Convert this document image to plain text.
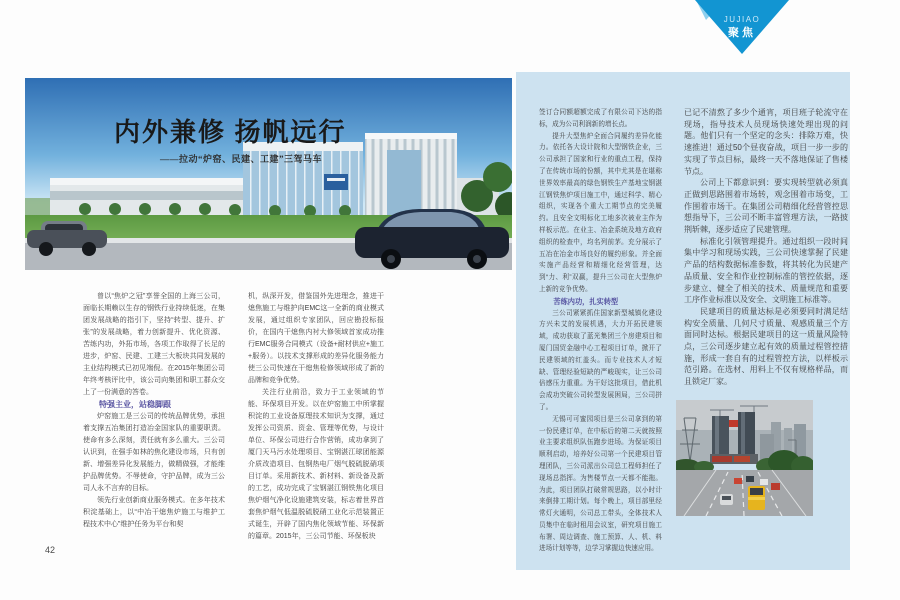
内外兼修 扬帆远行
——拉动“炉窑、民建、工建”三驾马车

曾以“焦炉之冠”享誉全国的上海三公司，面临长期赖以生存的钢铁行业持续低迷，在集团发展战略的指引下，坚持“转型、提升、扩张”的发展战略，着力创新提升、优化资源、苦练内功，外拓市场，各项工作取得了长足的进步，炉窑、民建、工建三大板块共同发展的主业结构模式已初见端倪。在2015年集团公司年终考核评比中，该公司向集团和职工群众交上了一份满意的答卷。

特强主业，站稳脚跟

炉窑施工是三公司的传统品牌优势，承担着支撑五冶集团打造冶金国家队的重要职责。使命有多么深刻，责任就有多么重大。三公司认识到，在强手如林的焦化建设市场，只有创新、增强差异化发展能力，做精做强，才能维护品牌优势。不辱使命，守护品牌，成为三公司人永不言弃的目标。

领先行业创新商业服务模式。在多年技术积淀基础上，以“中冶干熄焦炉施工与维护工程技术中心”维护任务为平台和契

机，纵深开发，借鉴国外先进理念，推进干熄焦施工与维护向EMC这一全新的商业模式发展，通过组织专家团队，回应勘投标报价，在国内干熄焦内衬大修领域首家成功推行EMC服务合同模式（设备+耐材供应+施工+服务）。以技术支撑形成的差异化服务能力使三公司快速在干熄焦检修领域形成了新的品牌和竞争优势。

关注行业前沿，致力于工业领域的节能、环保项目开发。以在炉窑施工中所掌握积淀的工业设备原理技术知识为支撑，通过发挥公司资质、资金、管理等优势，与设计单位、环保公司进行合作营销，成功拿到了厦门天马污水处理项目、宝钢湛江球团能源介质改造项目、包钢热电厂烟气脱硫脱硝项目订单。采用新技术、新材料、新设备及新的工艺，成功完成了宝钢湛江钢铁焦化项目焦炉烟气净化设施建筑安装，标志着世界首套焦炉烟气低温脱硫脱硝工业化示范装置正式诞生，开辟了国内焦化领域节能、环保新的篇章。2015年，三公司节能、环保板块

42

签订合同额超额完成了有限公司下达的指标，成为公司利润新的增长点。

提升大型焦炉全面合同履约差异化能力。依托各大设计院和大型钢铁企业，三公司承担了国家和行业的重点工程，保持了在传统市场的份额，其中尤其是在堪称世界效率最高的绿色钢铁生产基地宝钢湛江钢铁焦炉项目施工中，通过科学、精心组织，实现各个重大工期节点的完美履约。且安全文明标化工地多次被业主作为样板示范。在业主、冶金系统及地方政府组织的检查中，均名列前茅。充分展示了五冶在冶金市场良好的履约形象。并全面实施产品经营和精细化经营管理，达到“力、利”双赢，提升三公司在大型焦炉上新的竞争优势。

苦练内功，扎实转型

三公司紧紧抓住国家新型城镇化建设方兴未艾的发展机遇，大力开拓民建领域，成功获取了蓝光集团三个房建项目和厦门国贸金融中心工程项目订单，掀开了民建领域的红盖头。而专业技术人才短缺、管理经验短缺的严峻现实，让三公司倍感压力重重。为干好这批项目，借此机会成功突破公司转型发展困局，三公司拼了。

无锡可可蜜园项目是三公司拿到的第一份民建订单，在中标后的第二天就按照业主要求组织队伍跑步进场。为保证项目顺利启动，培养好公司第一个民建项目管理团队，三公司派出公司总工程师担任了现场总指挥。为售楼节点一天都不能拖。为此，项目团队打破常规思路，以小时计来倒排工期计划。每个晚上，项目部里经常灯火通明，公司总工带头，全体技术人员集中在临时租用会议室，研究项目施工布署、周边调查、施工预算、人、机、料进场计划等等，边学习掌握边快速应用。

已记不清熬了多少个通宵，项目班子轮流守在现场，指导技术人员现场快速处理出现的问题。他们只有一个坚定的念头：排除万难，快速推进！通过50个昼夜奋战，项目一步一步的实现了节点目标，最终一天不落地保证了售楼节点。

公司上下都意识到：要实现转型就必须真正做到思路围着市场转，观念围着市场变，工作围着市场干。在集团公司精细化经营管控思想指导下，三公司不断丰富管理方法，一路披荆斩棘，逐步适应了民建管理。

标准化引领管理提升。通过组织一段时间集中学习和现场实践，三公司快速掌握了民建产品的结构数据标准参数，将其转化为民建产品质量、安全和作业控制标准的管控依据，逐步建立、健全了相关的技术、质量规范和重要工序作业标准以及安全、文明施工标准等。

民建项目的质量达标是必须要同时满足结构安全质量、几何尺寸质量、观感质量三个方面同时达标。根据民建项目的这一质量风险特点，三公司逐步建立起有效的质量过程管控措施，形成一套自有的过程管控方法，以样板示范引路。在选材、用料上不仅有规格样品，而且锁定厂家。

JUJIAO
聚焦
